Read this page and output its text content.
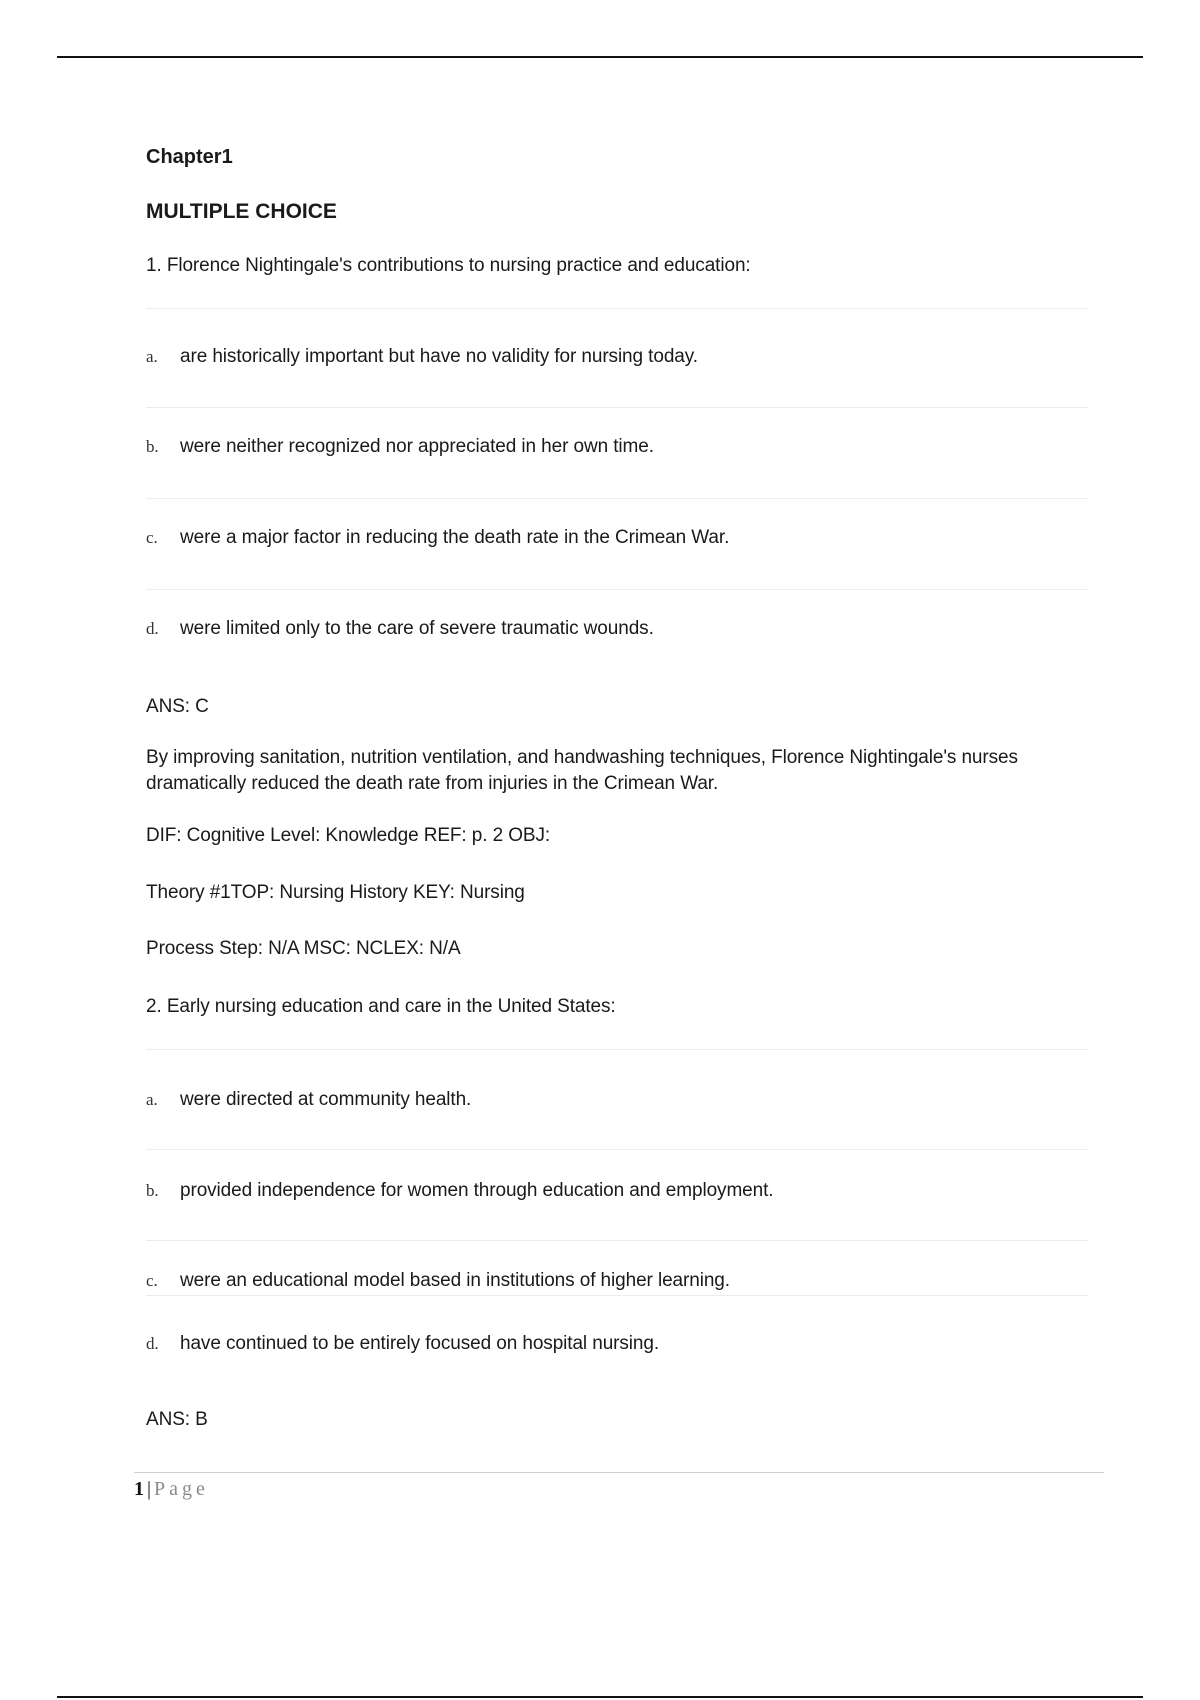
Chapter1
MULTIPLE CHOICE
1. Florence Nightingale's contributions to nursing practice and education:
a. are historically important but have no validity for nursing today.
b. were neither recognized nor appreciated in her own time.
c. were a major factor in reducing the death rate in the Crimean War.
d. were limited only to the care of severe traumatic wounds.
ANS: C
By improving sanitation, nutrition ventilation, and handwashing techniques, Florence Nightingale's nurses dramatically reduced the death rate from injuries in the Crimean War.
DIF: Cognitive Level: Knowledge REF: p. 2 OBJ:
Theory #1TOP: Nursing History KEY: Nursing
Process Step: N/A MSC: NCLEX: N/A
2. Early nursing education and care in the United States:
a. were directed at community health.
b. provided independence for women through education and employment.
c. were an educational model based in institutions of higher learning.
d. have continued to be entirely focused on hospital nursing.
ANS: B
1 | Page
